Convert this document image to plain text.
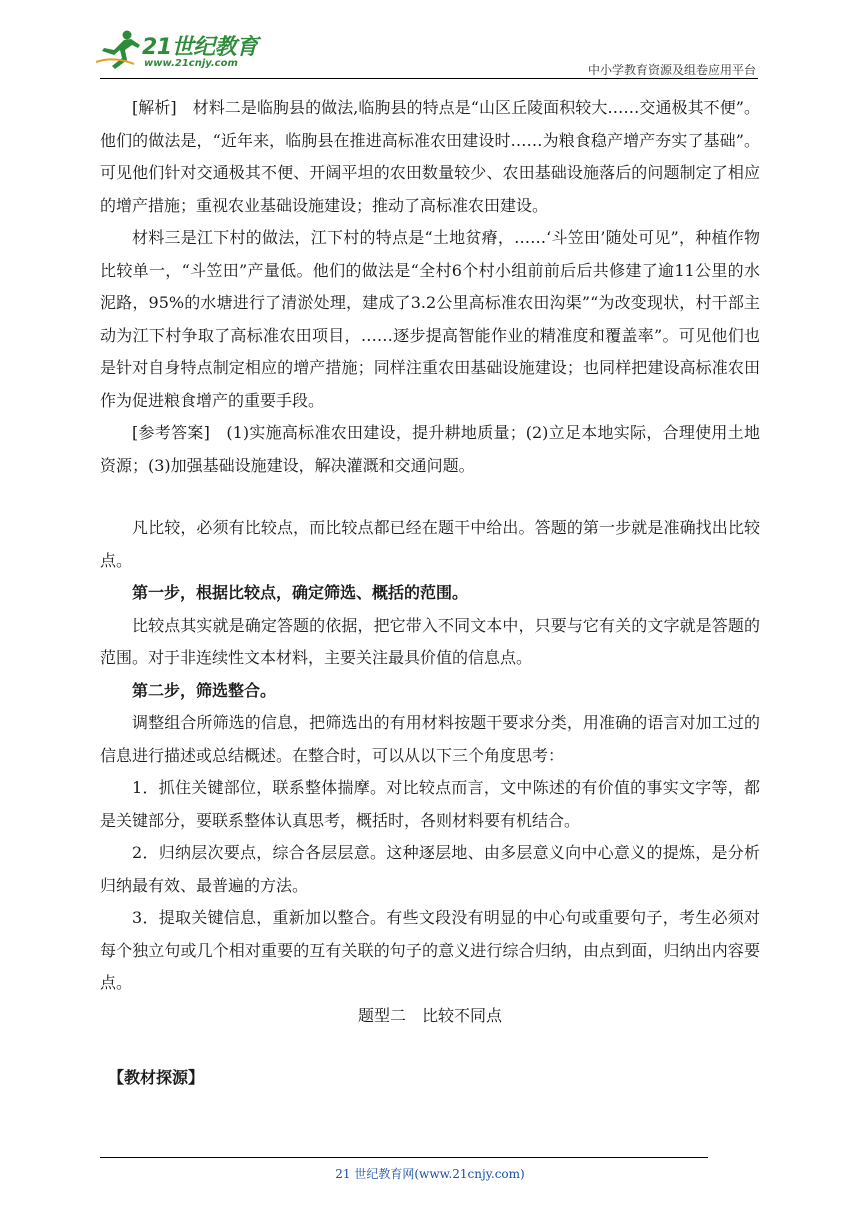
21世纪教育
www.21cnjy.com	中小学教育资源及组卷应用平台

[解析]　材料二是临朐县的做法,临朐县的特点是“山区丘陵面积较大……交通极其不便”。他们的做法是，“近年来，临朐县在推进高标准农田建设时……为粮食稳产增产夯实了基础”。可见他们针对交通极其不便、开阔平坦的农田数量较少、农田基础设施落后的问题制定了相应的增产措施；重视农业基础设施建设；推动了高标准农田建设。

材料三是江下村的做法，江下村的特点是“土地贫瘠，……‘斗笠田’随处可见”，种植作物比较单一，“斗笠田”产量低。他们的做法是“全村6个村小组前前后后共修建了逾11公里的水泥路，95%的水塘进行了清淤处理，建成了3.2公里高标准农田沟渠”“为改变现状，村干部主动为江下村争取了高标准农田项目，……逐步提高智能作业的精准度和覆盖率”。可见他们也是针对自身特点制定相应的增产措施；同样注重农田基础设施建设；也同样把建设高标准农田作为促进粮食增产的重要手段。

[参考答案]　(1)实施高标准农田建设，提升耕地质量；(2)立足本地实际，合理使用土地资源；(3)加强基础设施建设，解决灌溉和交通问题。

凡比较，必须有比较点，而比较点都已经在题干中给出。答题的第一步就是准确找出比较点。

第一步，根据比较点，确定筛选、概括的范围。

比较点其实就是确定答题的依据，把它带入不同文本中，只要与它有关的文字就是答题的范围。对于非连续性文本材料，主要关注最具价值的信息点。

第二步，筛选整合。

调整组合所筛选的信息，把筛选出的有用材料按题干要求分类，用准确的语言对加工过的信息进行描述或总结概述。在整合时，可以从以下三个角度思考：

1．抓住关键部位，联系整体揣摩。对比较点而言，文中陈述的有价值的事实文字等，都是关键部分，要联系整体认真思考，概括时，各则材料要有机结合。

2．归纳层次要点，综合各层层意。这种逐层地、由多层意义向中心意义的提炼，是分析归纳最有效、最普遍的方法。

3．提取关键信息，重新加以整合。有些文段没有明显的中心句或重要句子，考生必须对每个独立句或几个相对重要的互有关联的句子的意义进行综合归纳，由点到面，归纳出内容要点。

题型二　比较不同点

【教材探源】

21 世纪教育网(www.21cnjy.com)
